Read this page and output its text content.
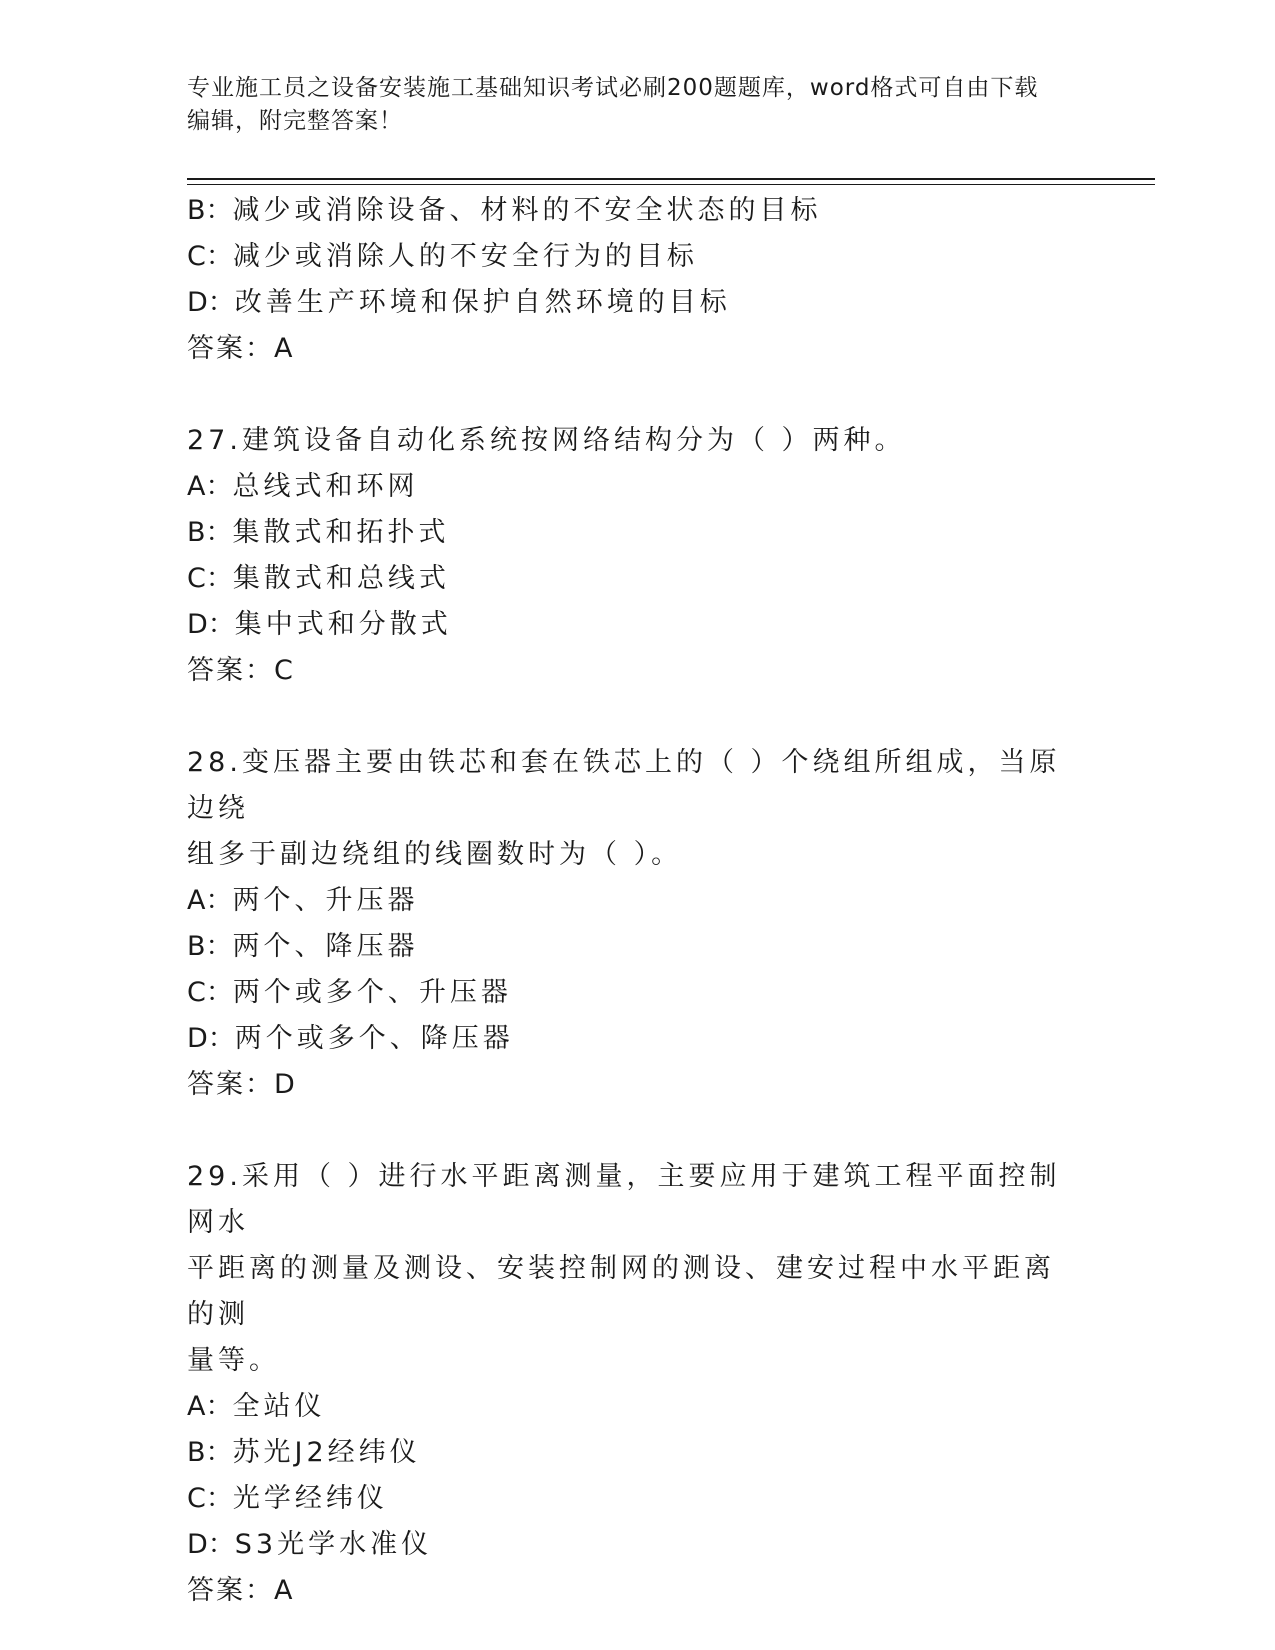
专业施工员之设备安装施工基础知识考试必刷200题题库，word格式可自由下载
编辑，附完整答案！

B：减少或消除设备、材料的不安全状态的目标

C：减少或消除人的不安全行为的目标

D：改善生产环境和保护自然环境的目标

答案：A

27.建筑设备自动化系统按网络结构分为（ ）两种。

A：总线式和环网

B：集散式和拓扑式

C：集散式和总线式

D：集中式和分散式

答案：C

28.变压器主要由铁芯和套在铁芯上的（ ）个绕组所组成，当原边绕

组多于副边绕组的线圈数时为（ ）。

A：两个、升压器

B：两个、降压器

C：两个或多个、升压器

D：两个或多个、降压器

答案：D

29.采用（ ）进行水平距离测量，主要应用于建筑工程平面控制网水

平距离的测量及测设、安装控制网的测设、建安过程中水平距离的测

量等。

A：全站仪

B：苏光J2经纬仪

C：光学经纬仪

D：S3光学水准仪

答案：A
